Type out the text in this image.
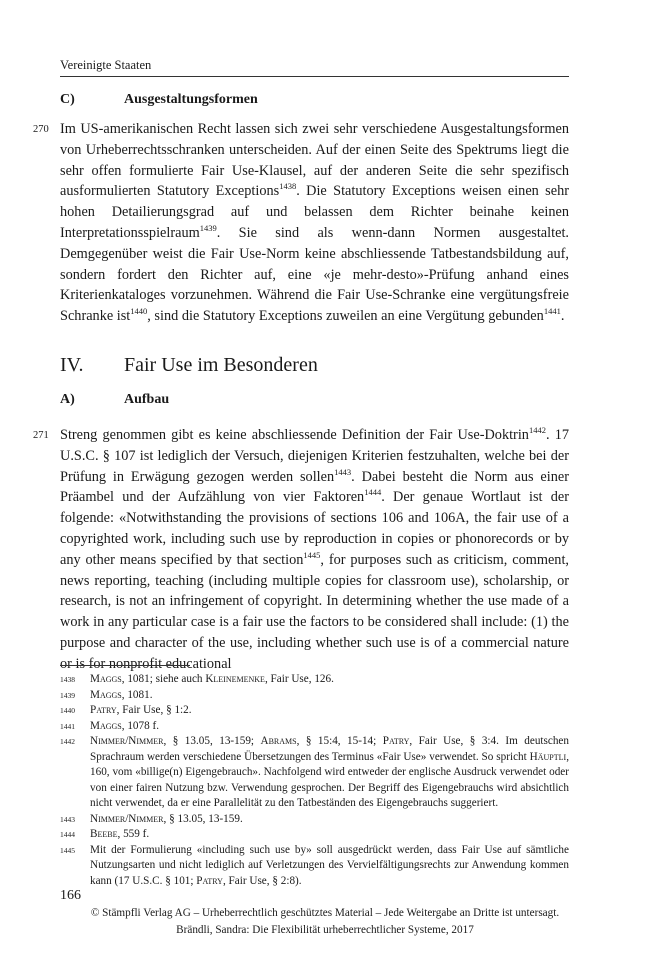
Vereinigte Staaten
C)	Ausgestaltungsformen
270 Im US-amerikanischen Recht lassen sich zwei sehr verschiedene Ausgestaltungsformen von Urheberrechtsschranken unterscheiden. Auf der einen Seite des Spektrums liegt die sehr offen formulierte Fair Use-Klausel, auf der anderen Seite die sehr spezifisch ausformulierten Statutory Exceptions$^{1438}$. Die Statutory Exceptions weisen einen sehr hohen Detailierungsgrad auf und belassen dem Richter beinahe keinen Interpretationsspielraum$^{1439}$. Sie sind als wenn-dann Normen ausgestaltet. Demgegenüber weist die Fair Use-Norm keine abschliessende Tatbestandsbildung auf, sondern fordert den Richter auf, eine «je mehr-desto»-Prüfung anhand eines Kriterienkataloges vorzunehmen. Während die Fair Use-Schranke eine vergütungsfreie Schranke ist$^{1440}$, sind die Statutory Exceptions zuweilen an eine Vergütung gebunden$^{1441}$.
IV. Fair Use im Besonderen
A)	Aufbau
271 Streng genommen gibt es keine abschliessende Definition der Fair Use-Doktrin$^{1442}$. 17 U.S.C. § 107 ist lediglich der Versuch, diejenigen Kriterien festzuhalten, welche bei der Prüfung in Erwägung gezogen werden sollen$^{1443}$. Dabei besteht die Norm aus einer Präambel und der Aufzählung von vier Faktoren$^{1444}$. Der genaue Wortlaut ist der folgende: «Notwithstanding the provisions of sections 106 and 106A, the fair use of a copyrighted work, including such use by reproduction in copies or phonorecords or by any other means specified by that section$^{1445}$, for purposes such as criticism, comment, news reporting, teaching (including multiple copies for classroom use), scholarship, or research, is not an infringement of copyright. In determining whether the use made of a work in any particular case is a fair use the factors to be considered shall include: (1) the purpose and character of the use, including whether such use is of a commercial nature or is for nonprofit educational
1438 Maggs, 1081; siehe auch Kleinemenke, Fair Use, 126.
1439 Maggs, 1081.
1440 Patry, Fair Use, § 1:2.
1441 Maggs, 1078 f.
1442 Nimmer/Nimmer, § 13.05, 13-159; Abrams, § 15:4, 15-14; Patry, Fair Use, § 3:4. Im deutschen Sprachraum werden verschiedene Übersetzungen des Terminus «Fair Use» verwendet. So spricht Häuptli, 160, vom «billige(n) Eigengebrauch». Nachfolgend wird entweder der englische Ausdruck verwendet oder von einer fairen Nutzung bzw. Verwendung gesprochen. Der Begriff des Eigengebrauchs wird absichtlich nicht verwendet, da er eine Parallelität zu den Tatbeständen des Eigengebrauchs suggeriert.
1443 Nimmer/Nimmer, § 13.05, 13-159.
1444 Beebe, 559 f.
1445 Mit der Formulierung «including such use by» soll ausgedrückt werden, dass Fair Use auf sämtliche Nutzungsarten und nicht lediglich auf Verletzungen des Vervielfältigungsrechts zur Anwendung kommen kann (17 U.S.C. § 101; Patry, Fair Use, § 2:8).
166
© Stämpfli Verlag AG – Urheberrechtlich geschütztes Material – Jede Weitergabe an Dritte ist untersagt.
Brändli, Sandra: Die Flexibilität urheberrechtlicher Systeme, 2017
